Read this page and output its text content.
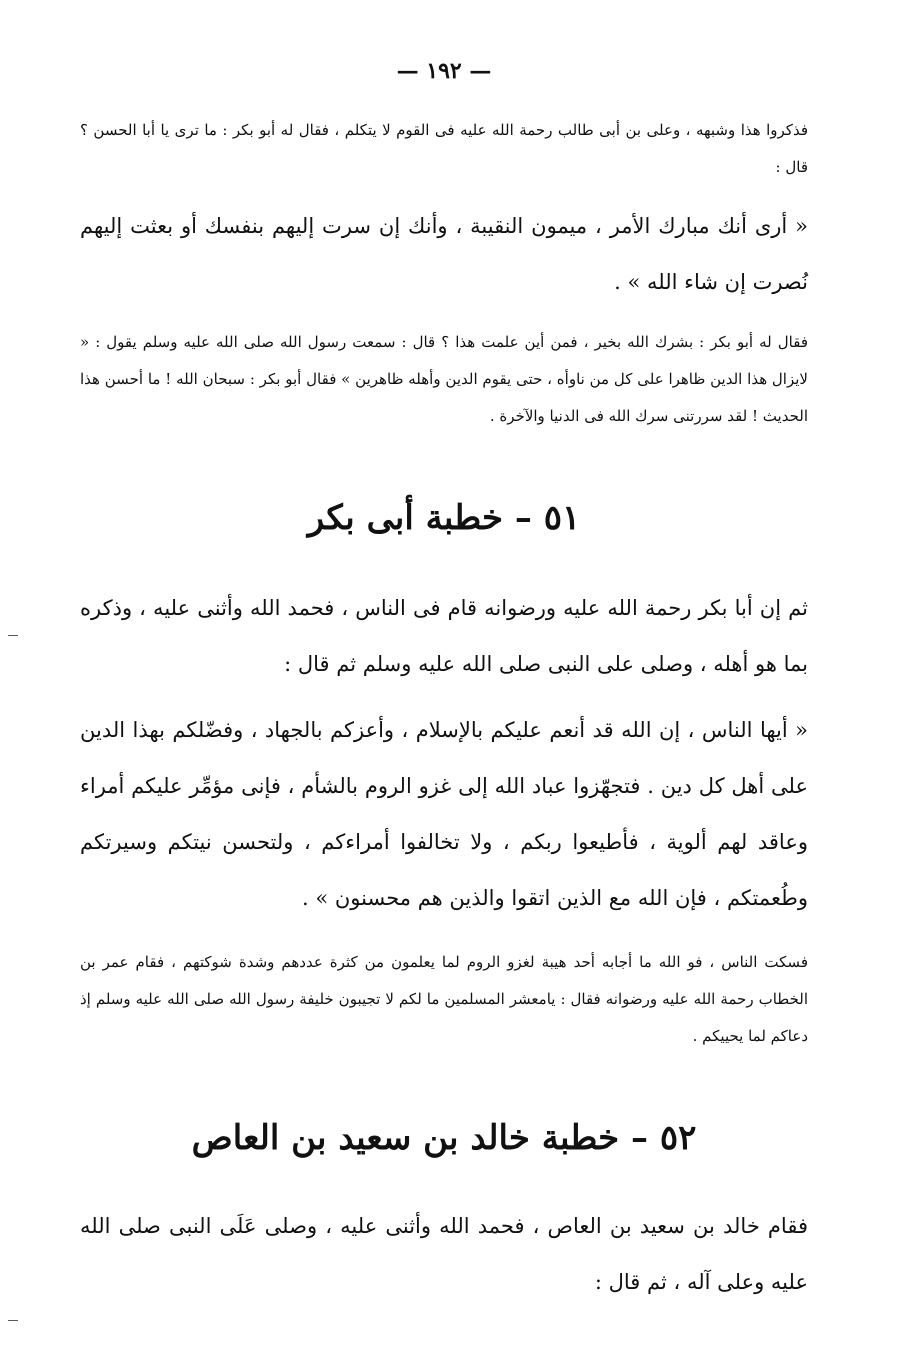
— ١٩٢ —
فذكروا هذا وشبهه ، وعلى بن أبى طالب رحمة الله عليه فى القوم لا يتكلم ، فقال له أبو بكر : ما ترى يا أبا الحسن ؟ قال :
« أرى أنك مبارك الأمر ، ميمون النقيبة ، وأنك إن سرت إليهم بنفسك أو بعثت إليهم نُصرت إن شاء الله » .
فقال له أبو بكر : بشرك الله بخير ، فمن أين علمت هذا ؟ قال : سمعت رسول الله صلى الله عليه وسلم يقول : « لايزال هذا الدين ظاهرا على كل من ناوأه ، حتى يقوم الدين وأهله ظاهرين » فقال أبو بكر : سبحان الله ! ما أحسن هذا الحديث ! لقد سررتنى سرك الله فى الدنيا والآخرة .
٥١ – خطبة أبى بكر
ثم إن أبا بكر رحمة الله عليه ورضوانه قام فى الناس ، فحمد الله وأثنى عليه ، وذكره بما هو أهله ، وصلى على النبى صلى الله عليه وسلم ثم قال :
« أيها الناس ، إن الله قد أنعم عليكم بالإسلام ، وأعزكم بالجهاد ، وفضّلكم بهذا الدين على أهل كل دين . فتجهّزوا عباد الله إلى غزو الروم بالشأم ، فإنى مؤمِّر عليكم أمراء وعاقد لهم ألوية ، فأطيعوا ربكم ، ولا تخالفوا أمراءكم ، ولتحسن نيتكم وسيرتكم وطُعمتكم ، فإن الله مع الذين اتقوا والذين هم محسنون » .
فسكت الناس ، فو الله ما أجابه أحد هيبة لغزو الروم لما يعلمون من كثرة عددهم وشدة شوكتهم ، فقام عمر بن الخطاب رحمة الله عليه ورضوانه فقال : يامعشر المسلمين ما لكم لا تجيبون خليفة رسول الله صلى الله عليه وسلم إذ دعاكم لما يحييكم .
٥٢ – خطبة خالد بن سعيد بن العاص
فقام خالد بن سعيد بن العاص ، فحمد الله وأثنى عليه ، وصلى عَلَى النبى صلى الله عليه وعلى آله ، ثم قال :
